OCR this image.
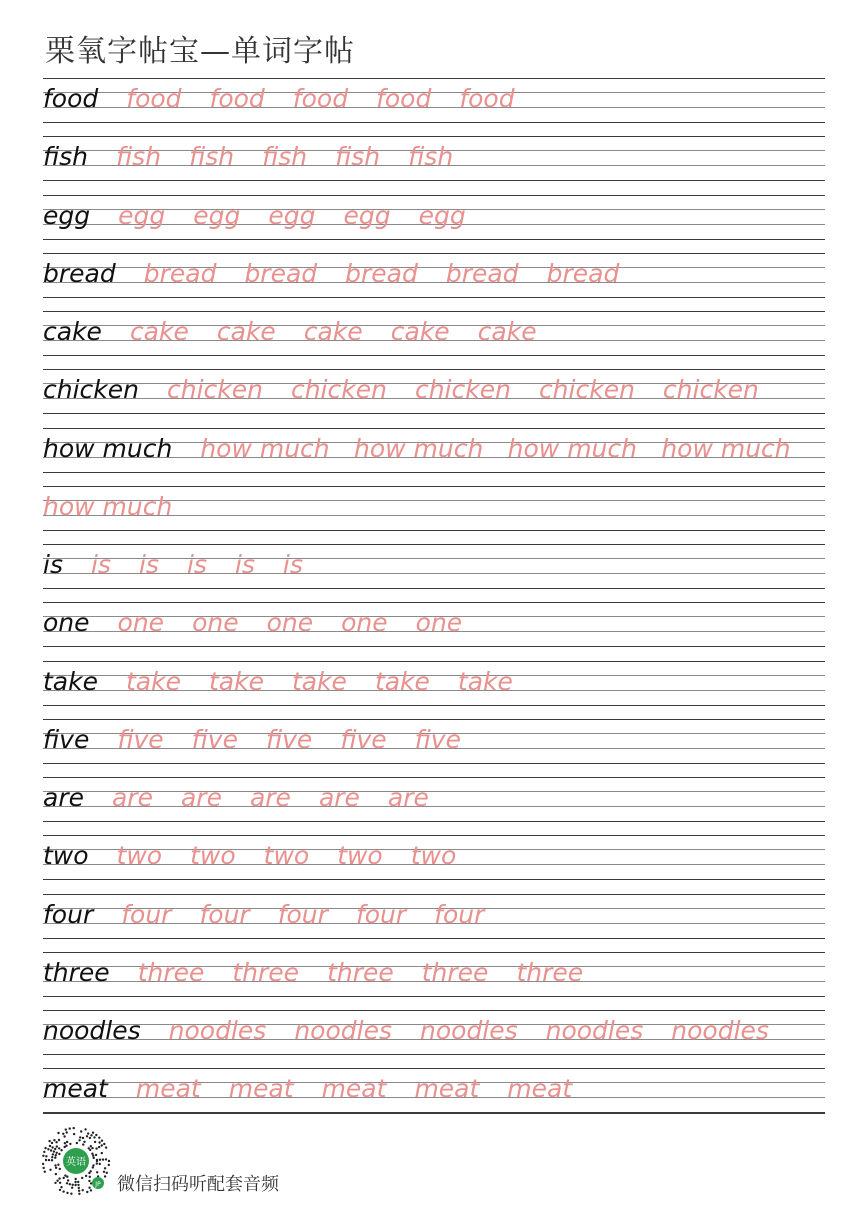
栗氧字帖宝—单词字帖
food food food food food food
fish fish fish fish fish fish
egg egg egg egg egg egg
bread bread bread bread bread bread
cake cake cake cake cake cake
chicken chicken chicken chicken chicken chicken
how much how much how much how much how much
how much
is is is is is is
one one one one one one
take take take take take take
five five five five five five
are are are are are are
two two two two two two
four four four four four four
three three three three three three
noodles noodles noodles noodles noodles noodles
meat meat meat meat meat meat
英语
JP 微信扫码听配套音频
